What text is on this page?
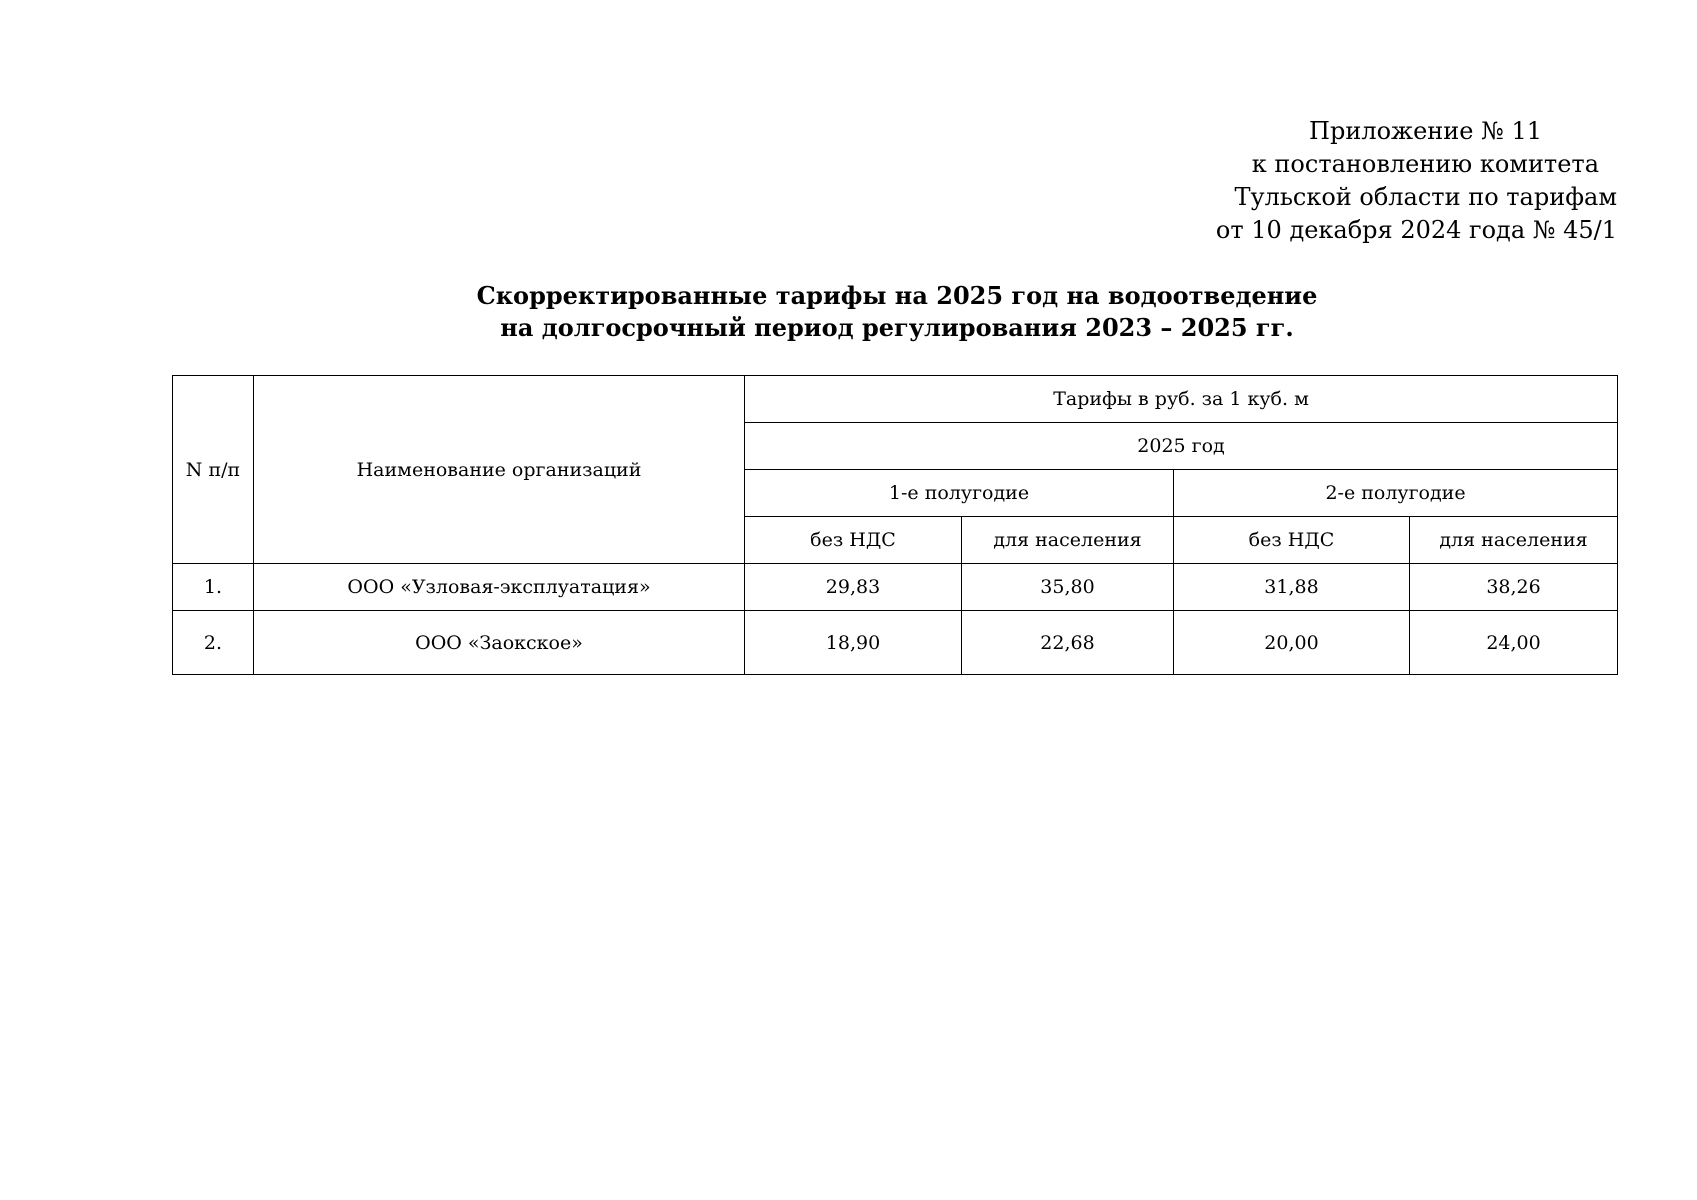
Приложение № 11
к постановлению комитета
Тульской области по тарифам
от 10 декабря 2024 года № 45/1
Скорректированные тарифы на 2025 год на водоотведение
на долгосрочный период регулирования 2023 – 2025 гг.
N п/п	Наименование организаций	Тарифы в руб. за 1 куб. м			
		2025 год			
		1-е полугодие		2-е полугодие	
		без НДС	для населения	без НДС	для населения
1.	ООО «Узловая-эксплуатация»	29,83	35,80	31,88	38,26
2.	ООО «Заокское»	18,90	22,68	20,00	24,00
